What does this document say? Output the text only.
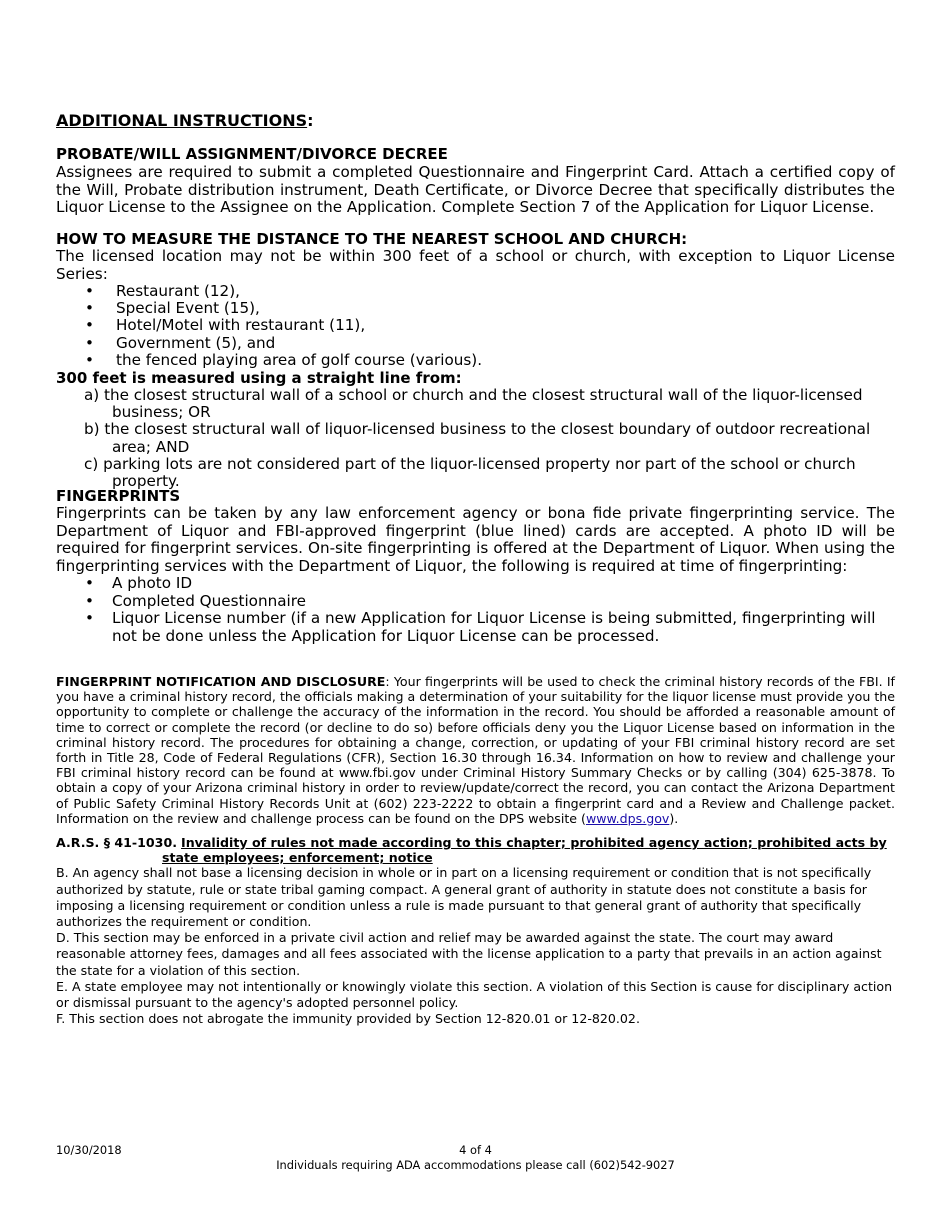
ADDITIONAL INSTRUCTIONS:
PROBATE/WILL ASSIGNMENT/DIVORCE DECREE
Assignees are required to submit a completed Questionnaire and Fingerprint Card. Attach a certified copy of the Will, Probate distribution instrument, Death Certificate, or Divorce Decree that specifically distributes the Liquor License to the Assignee on the Application. Complete Section 7 of the Application for Liquor License.
HOW TO MEASURE THE DISTANCE TO THE NEAREST SCHOOL AND CHURCH:
The licensed location may not be within 300 feet of a school or church, with exception to Liquor License Series:
• Restaurant (12),
• Special Event (15),
• Hotel/Motel with restaurant (11),
• Government (5), and
• the fenced playing area of golf course (various).
300 feet is measured using a straight line from:
a) the closest structural wall of a school or church and the closest structural wall of the liquor-licensed business; OR
b) the closest structural wall of liquor-licensed business to the closest boundary of outdoor recreational area; AND
c) parking lots are not considered part of the liquor-licensed property nor part of the school or church property.
FINGERPRINTS
Fingerprints can be taken by any law enforcement agency or bona fide private fingerprinting service. The Department of Liquor and FBI-approved fingerprint (blue lined) cards are accepted. A photo ID will be required for fingerprint services. On-site fingerprinting is offered at the Department of Liquor. When using the fingerprinting services with the Department of Liquor, the following is required at time of fingerprinting:
• A photo ID
• Completed Questionnaire
• Liquor License number (if a new Application for Liquor License is being submitted, fingerprinting will not be done unless the Application for Liquor License can be processed.
FINGERPRINT NOTIFICATION AND DISCLOSURE: Your fingerprints will be used to check the criminal history records of the FBI. If you have a criminal history record, the officials making a determination of your suitability for the liquor license must provide you the opportunity to complete or challenge the accuracy of the information in the record. You should be afforded a reasonable amount of time to correct or complete the record (or decline to do so) before officials deny you the Liquor License based on information in the criminal history record. The procedures for obtaining a change, correction, or updating of your FBI criminal history record are set forth in Title 28, Code of Federal Regulations (CFR), Section 16.30 through 16.34. Information on how to review and challenge your FBI criminal history record can be found at www.fbi.gov under Criminal History Summary Checks or by calling (304) 625-3878. To obtain a copy of your Arizona criminal history in order to review/update/correct the record, you can contact the Arizona Department of Public Safety Criminal History Records Unit at (602) 223-2222 to obtain a fingerprint card and a Review and Challenge packet. Information on the review and challenge process can be found on the DPS website (www.dps.gov).
A.R.S. § 41-1030. Invalidity of rules not made according to this chapter; prohibited agency action; prohibited acts by state employees; enforcement; notice
B. An agency shall not base a licensing decision in whole or in part on a licensing requirement or condition that is not specifically authorized by statute, rule or state tribal gaming compact. A general grant of authority in statute does not constitute a basis for imposing a licensing requirement or condition unless a rule is made pursuant to that general grant of authority that specifically authorizes the requirement or condition.
D. This section may be enforced in a private civil action and relief may be awarded against the state. The court may award reasonable attorney fees, damages and all fees associated with the license application to a party that prevails in an action against the state for a violation of this section.
E. A state employee may not intentionally or knowingly violate this section. A violation of this Section is cause for disciplinary action or dismissal pursuant to the agency's adopted personnel policy.
F. This section does not abrogate the immunity provided by Section 12-820.01 or 12-820.02.
10/30/2018	4 of 4
Individuals requiring ADA accommodations please call (602)542-9027
